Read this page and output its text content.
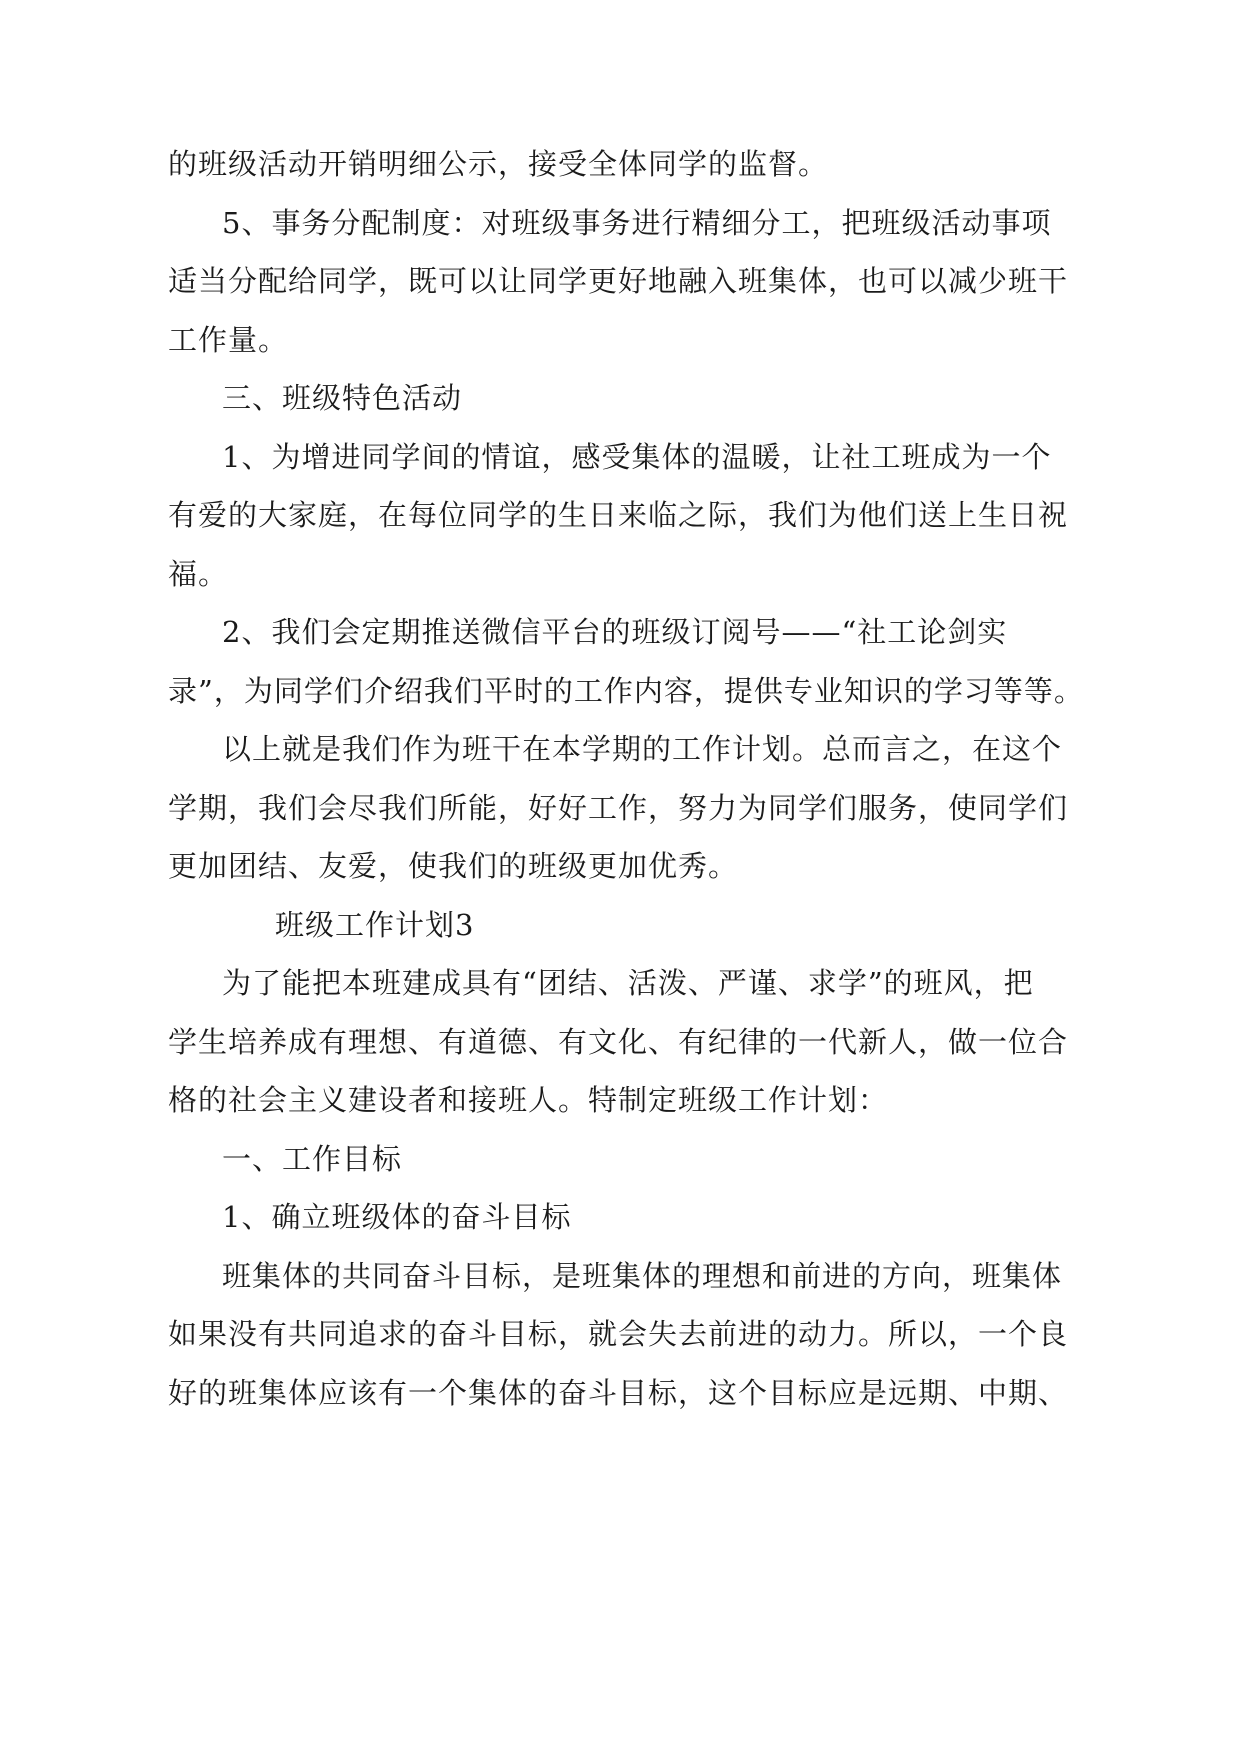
的班级活动开销明细公示，接受全体同学的监督。

5、事务分配制度：对班级事务进行精细分工，把班级活动事项

适当分配给同学，既可以让同学更好地融入班集体，也可以减少班干

工作量。

三、班级特色活动

1、为增进同学间的情谊，感受集体的温暖，让社工班成为一个

有爱的大家庭，在每位同学的生日来临之际，我们为他们送上生日祝

福。

2、我们会定期推送微信平台的班级订阅号——“社工论剑实

录”，为同学们介绍我们平时的工作内容，提供专业知识的学习等等。

以上就是我们作为班干在本学期的工作计划。总而言之，在这个

学期，我们会尽我们所能，好好工作，努力为同学们服务，使同学们

更加团结、友爱，使我们的班级更加优秀。

班级工作计划3

为了能把本班建成具有“团结、活泼、严谨、求学”的班风，把

学生培养成有理想、有道德、有文化、有纪律的一代新人，做一位合

格的社会主义建设者和接班人。特制定班级工作计划：

一、工作目标

1、确立班级体的奋斗目标

班集体的共同奋斗目标，是班集体的理想和前进的方向，班集体

如果没有共同追求的奋斗目标，就会失去前进的动力。所以，一个良

好的班集体应该有一个集体的奋斗目标，这个目标应是远期、中期、
